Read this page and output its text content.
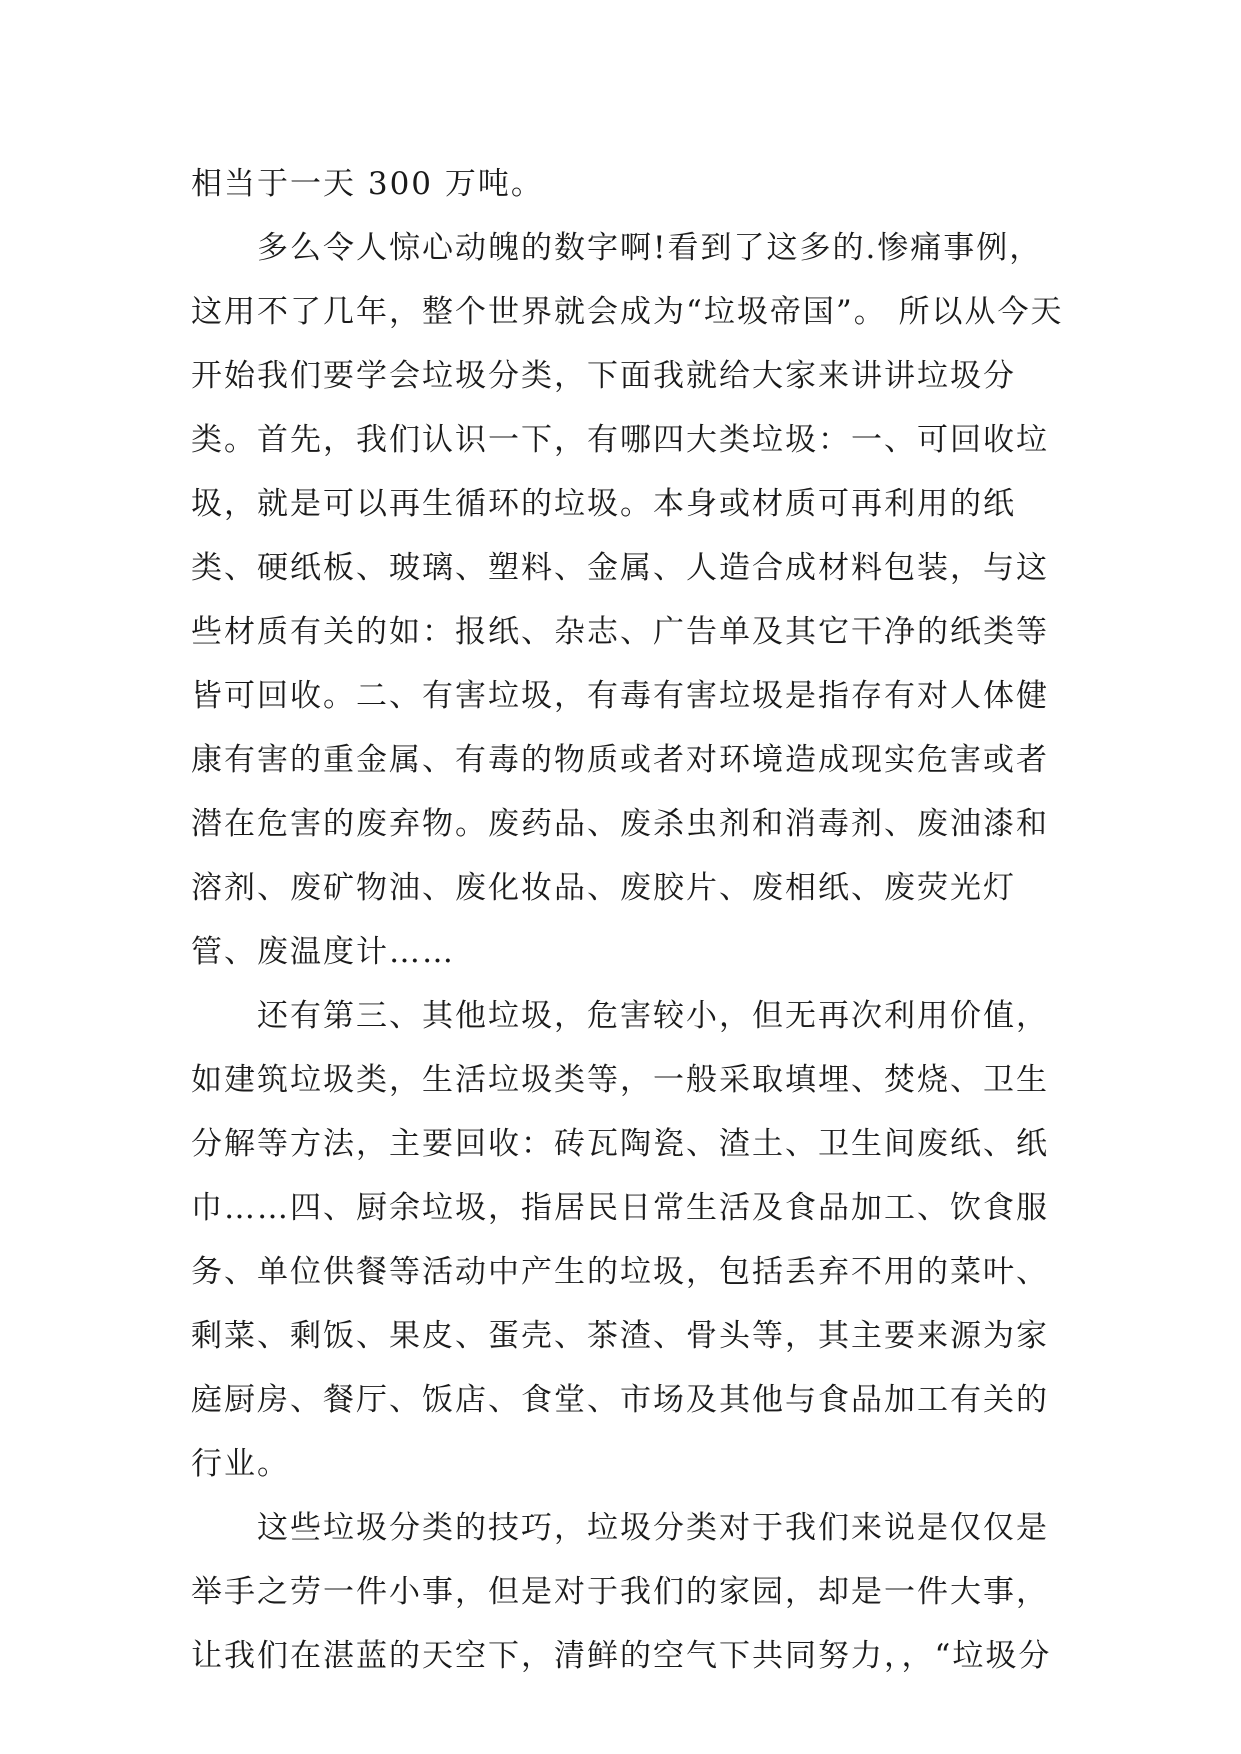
相当于一天 300 万吨。

多么令人惊心动魄的数字啊!看到了这多的.惨痛事例，这用不了几年，整个世界就会成为“垃圾帝国”。 所以从今天开始我们要学会垃圾分类，下面我就给大家来讲讲垃圾分类。首先，我们认识一下，有哪四大类垃圾：一、可回收垃圾，就是可以再生循环的垃圾。本身或材质可再利用的纸类、硬纸板、玻璃、塑料、金属、人造合成材料包装，与这些材质有关的如：报纸、杂志、广告单及其它干净的纸类等皆可回收。二、有害垃圾，有毒有害垃圾是指存有对人体健康有害的重金属、有毒的物质或者对环境造成现实危害或者潜在危害的废弃物。废药品、废杀虫剂和消毒剂、废油漆和溶剂、废矿物油、废化妆品、废胶片、废相纸、废荧光灯管、废温度计……

还有第三、其他垃圾，危害较小，但无再次利用价值，如建筑垃圾类，生活垃圾类等，一般采取填埋、焚烧、卫生分解等方法，主要回收：砖瓦陶瓷、渣土、卫生间废纸、纸巾……四、厨余垃圾，指居民日常生活及食品加工、饮食服务、单位供餐等活动中产生的垃圾，包括丢弃不用的菜叶、剩菜、剩饭、果皮、蛋壳、茶渣、骨头等，其主要来源为家庭厨房、餐厅、饭店、食堂、市场及其他与食品加工有关的行业。

这些垃圾分类的技巧，垃圾分类对于我们来说是仅仅是举手之劳一件小事，但是对于我们的家园，却是一件大事，让我们在湛蓝的天空下，清鲜的空气下共同努力，，“垃圾分
